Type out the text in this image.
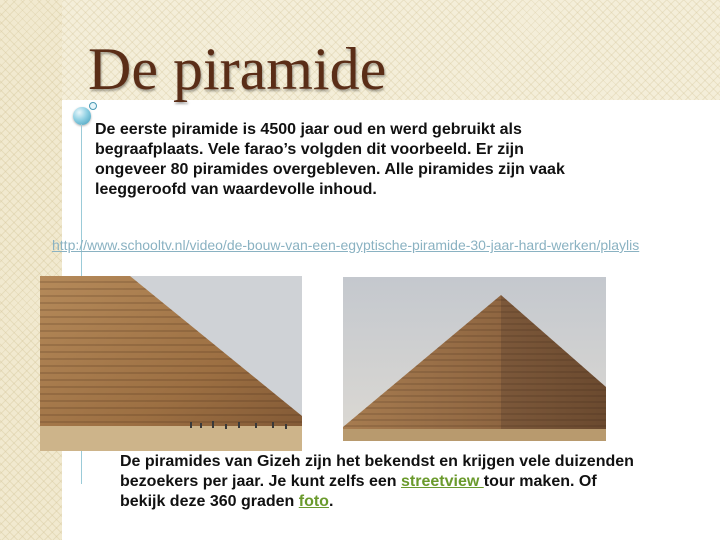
De piramide
De eerste piramide is 4500 jaar oud en werd gebruikt als begraafplaats. Vele farao’s volgden dit voorbeeld. Er zijn ongeveer 80 piramides overgebleven. Alle piramides zijn vaak leeggeroofd van waardevolle inhoud.
http://www.schooltv.nl/video/de-bouw-van-een-egyptische-piramide-30-jaar-hard-werken/playlis
De piramides van Gizeh zijn het bekendst en krijgen vele duizenden bezoekers per jaar. Je kunt zelfs een streetview tour maken. Of bekijk deze 360 graden foto.
